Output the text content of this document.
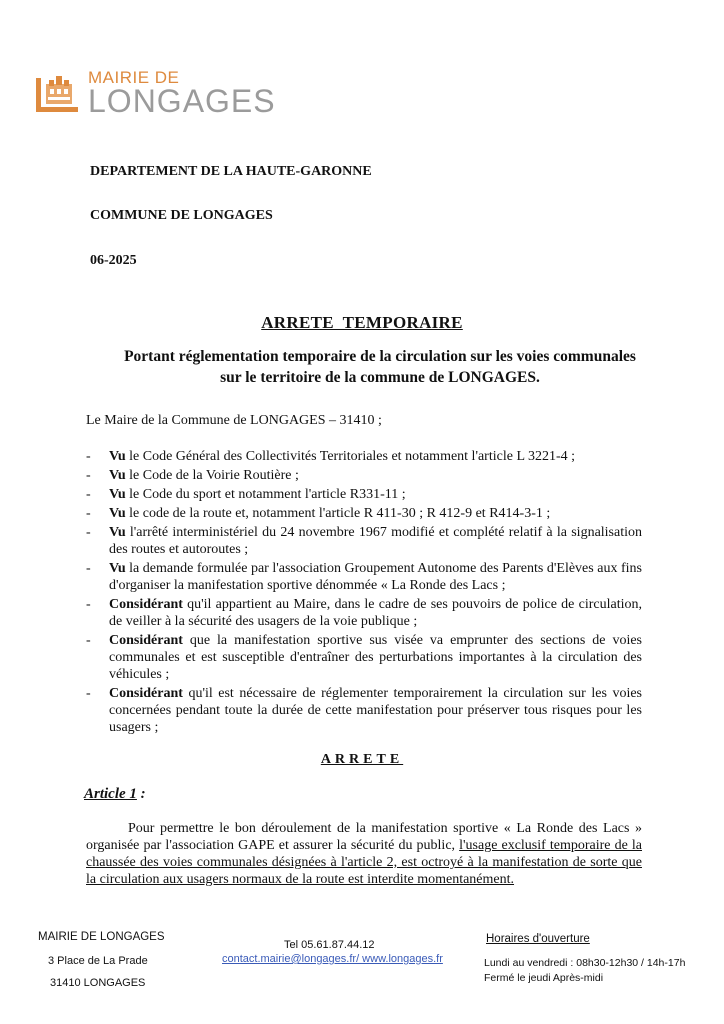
MAIRIE DE
LONGAGES
DEPARTEMENT DE LA HAUTE-GARONNE
COMMUNE DE LONGAGES
06-2025
ARRETE  TEMPORAIRE
Portant réglementation temporaire de la circulation sur les voies communales sur le territoire de la commune de LONGAGES.
Le Maire de la Commune de LONGAGES – 31410 ;
- Vu le Code Général des Collectivités Territoriales et notamment l'article L 3221-4 ;
- Vu le Code de la Voirie Routière ;
- Vu le Code du sport et notamment l'article R331-11 ;
- Vu le code de la route et, notamment l'article R 411-30 ; R 412-9 et R414-3-1 ;
- Vu l'arrêté interministériel du 24 novembre 1967 modifié et complété relatif à la signalisation des routes et autoroutes ;
- Vu la demande formulée par l'association Groupement Autonome des Parents d'Elèves aux fins d'organiser la manifestation sportive dénommée « La Ronde des Lacs ;
- Considérant qu'il appartient au Maire, dans le cadre de ses pouvoirs de police de circulation, de veiller à la sécurité des usagers de la voie publique ;
- Considérant que la manifestation sportive sus visée va emprunter des sections de voies communales et est susceptible d'entraîner des perturbations importantes à la circulation des véhicules ;
- Considérant qu'il est nécessaire de réglementer temporairement la circulation sur les voies concernées pendant toute la durée de cette manifestation pour préserver tous risques pour les usagers ;
ARRETE
Article 1 :
Pour permettre le bon déroulement de la manifestation sportive « La Ronde des Lacs » organisée par l'association GAPE et assurer la sécurité du public, l'usage exclusif temporaire de la chaussée des voies communales désignées à l'article 2, est octroyé à la manifestation de sorte que la circulation aux usagers normaux de la route est interdite momentanément.
MAIRIE DE LONGAGES
3 Place de La Prade
31410 LONGAGES
Tel 05.61.87.44.12
contact.mairie@longages.fr/ www.longages.fr
Horaires d'ouverture
Lundi au vendredi : 08h30-12h30 / 14h-17h
Fermé le jeudi Après-midi
